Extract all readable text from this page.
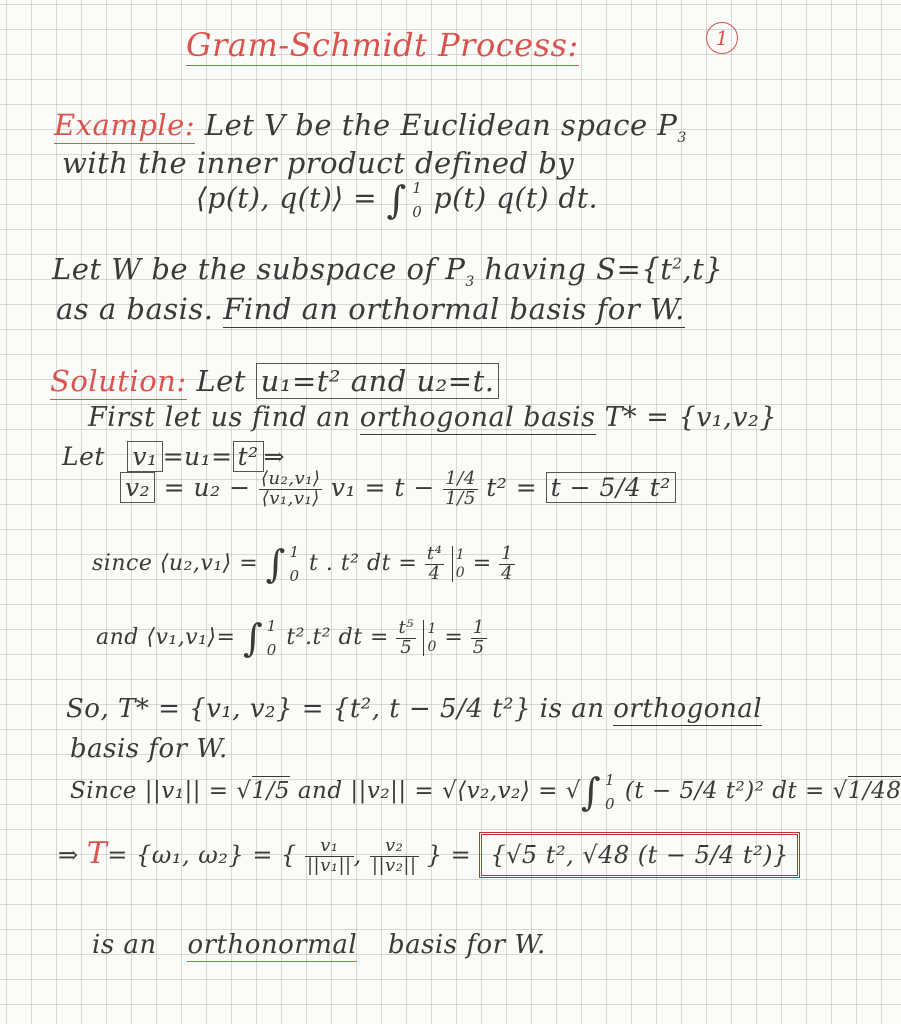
1
Gram-Schmidt Process:
Example: Let V be the Euclidean space $P_3$
with the inner product defined by
⟨p(t), q(t)⟩ = ∫ 1
0 p(t) q(t) dt.
Let W be the subspace of $P_3$ having $S=\{t^2,t\}$
as a basis. Find an orthormal basis for W.
Solution: Let u₁=t² and u₂=t.
First let us find an orthogonal basis T* = {v₁,v₂}
Let v₁ =u₁= t² ⇒
$v_2 = u_2 - \frac{\text{⟨u₂,v₁⟩}}{\text{⟨v₁,v₁⟩}} v_1 = t - \frac{1/4}{1/5} t^2 = t - 5/4$ t²
since ⟨u₂,v₁⟩ = ∫ 1
0 t . t² dt = $\frac{\text{t⁴}}{4}$
1
$0 = \frac{1}{4}$
and ⟨v₁,v₁⟩= ∫ 1
0 t².t² dt = $\frac{\text{t⁵}}{5}$
1
$0 = \frac{1}{5}$
So, T* = {v₁, v₂} = {t², t − 5/4 t²} is an orthogonal
basis for W.
Since ||v₁|| = √1/5 and ||v₂|| = √⟨v₂,v₂⟩ = √∫ 1
0 (t − 5/4 t²)² dt = √1/48
⇒ T= {ω₁, ω₂} = { $\frac{\text{v₁}}{\text{||v₁||}}$ , $\frac{\text{v₂}}{\text{||v₂||}}$ } = {√5 t², √48 (t − 5/4 t²)}
is an orthonormal basis for W.
